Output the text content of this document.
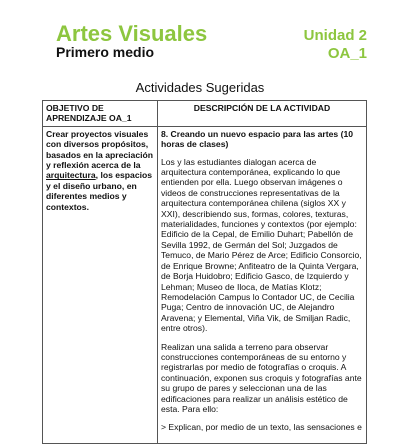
Artes Visuales
Primero medio
Unidad 2
OA_1
Actividades Sugeridas
OBJETIVO DE APRENDIZAJE OA_1	DESCRIPCIÓN DE LA ACTIVIDAD
Crear proyectos visuales con diversos propósitos, basados en la apreciación y reflexión acerca de la arquitectura, los espacios y el diseño urbano, en diferentes medios y contextos.	8. Creando un nuevo espacio para las artes (10 horas de clases)

Los y las estudiantes dialogan acerca de arquitectura contemporánea, explicando lo que entienden por ella. Luego observan imágenes o videos de construcciones representativas de la arquitectura contemporánea chilena (siglos XX y XXI), describiendo sus, formas, colores, texturas, materialidades, funciones y contextos (por ejemplo: Edificio de la Cepal, de Emilio Duhart; Pabellón de Sevilla 1992, de Germán del Sol; Juzgados de Temuco, de Mario Pérez de Arce; Edificio Consorcio, de Enrique Browne; Anfiteatro de la Quinta Vergara, de Borja Huidobro; Edificio Gasco, de Izquierdo y Lehman; Museo de Iloca, de Matías Klotz; Remodelación Campus lo Contador UC, de Cecilia Puga; Centro de innovación UC, de Alejandro Aravena; y Elemental, Viña Vik, de Smiljan Radic, entre otros).

Realizan una salida a terreno para observar construcciones contemporáneas de su entorno y registrarlas por medio de fotografías o croquis. A continuación, exponen sus croquis y fotografías ante su grupo de pares y seleccionan una de las edificaciones para realizar un análisis estético de esta. Para ello:

> Explican, por medio de un texto, las sensaciones e
